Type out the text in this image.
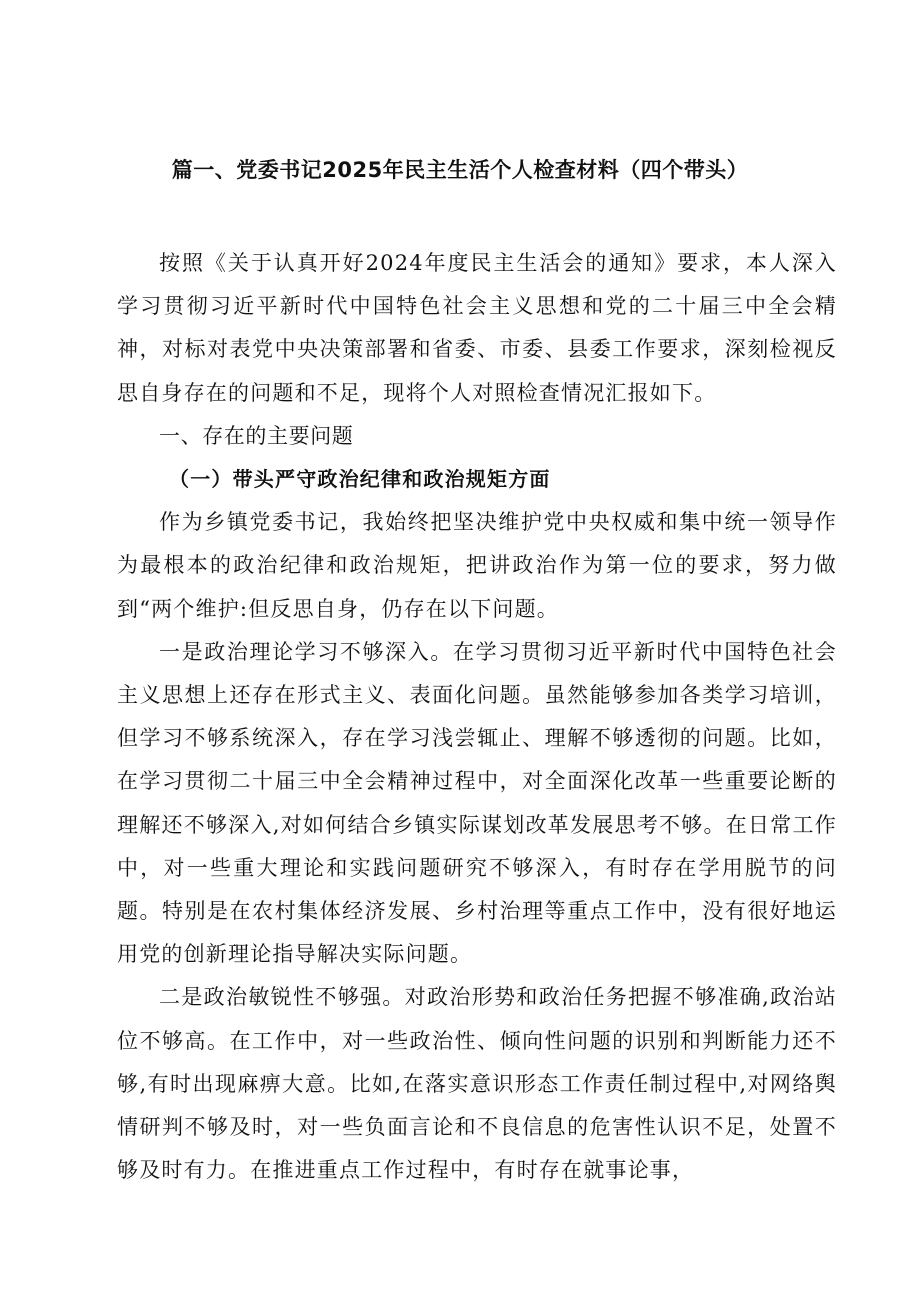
篇一、党委书记2025年民主生活个人检查材料（四个带头）

按照《关于认真开好2024年度民主生活会的通知》要求，本人深入学习贯彻习近平新时代中国特色社会主义思想和党的二十届三中全会精神，对标对表党中央决策部署和省委、市委、县委工作要求，深刻检视反思自身存在的问题和不足，现将个人对照检查情况汇报如下。

一、存在的主要问题
（一）带头严守政治纪律和政治规矩方面

作为乡镇党委书记，我始终把坚决维护党中央权威和集中统一领导作为最根本的政治纪律和政治规矩，把讲政治作为第一位的要求，努力做到“两个维护:但反思自身，仍存在以下问题。

一是政治理论学习不够深入。在学习贯彻习近平新时代中国特色社会主义思想上还存在形式主义、表面化问题。虽然能够参加各类学习培训，但学习不够系统深入，存在学习浅尝辄止、理解不够透彻的问题。比如，在学习贯彻二十届三中全会精神过程中，对全面深化改革一些重要论断的理解还不够深入,对如何结合乡镇实际谋划改革发展思考不够。在日常工作中，对一些重大理论和实践问题研究不够深入，有时存在学用脱节的问题。特别是在农村集体经济发展、乡村治理等重点工作中，没有很好地运用党的创新理论指导解决实际问题。

二是政治敏锐性不够强。对政治形势和政治任务把握不够准确,政治站位不够高。在工作中，对一些政治性、倾向性问题的识别和判断能力还不够,有时出现麻痹大意。比如,在落实意识形态工作责任制过程中,对网络舆情研判不够及时，对一些负面言论和不良信息的危害性认识不足，处置不够及时有力。在推进重点工作过程中，有时存在就事论事，
